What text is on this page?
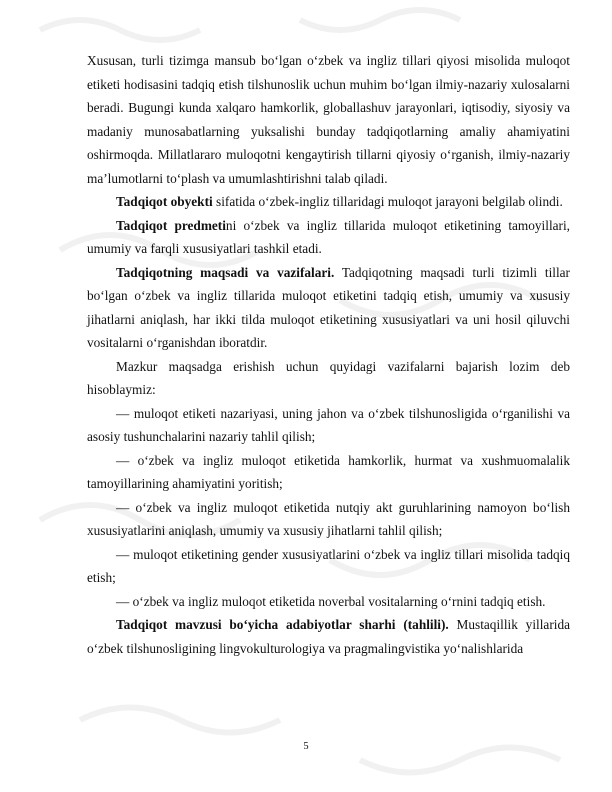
Xususan, turli tizimga mansub bo‘lgan o‘zbek va ingliz tillari qiyosi misolida muloqot etiketi hodisasini tadqiq etish tilshunoslik uchun muhim bo‘lgan ilmiy-nazariy xulosalarni beradi. Bugungi kunda xalqaro hamkorlik, globallashuv jarayonlari, iqtisodiy, siyosiy va madaniy munosabatlarning yuksalishi bunday tadqiqotlarning amaliy ahamiyatini oshirmoqda. Millatlararo muloqotni kengaytirish tillarni qiyosiy o‘rganish, ilmiy-nazariy ma’lumotlarni to‘plash va umumlashtirishni talab qiladi.

Tadqiqot obyekti sifatida o‘zbek-ingliz tillaridagi muloqot jarayoni belgilab olindi.

Tadqiqot predmetini o‘zbek va ingliz tillarida muloqot etiketining tamoyillari, umumiy va farqli xususiyatlari tashkil etadi.

Tadqiqotning maqsadi va vazifalari. Tadqiqotning maqsadi turli tizimli tillar bo‘lgan o‘zbek va ingliz tillarida muloqot etiketini tadqiq etish, umumiy va xususiy jihatlarni aniqlash, har ikki tilda muloqot etiketining xususiyatlari va uni hosil qiluvchi vositalarni o‘rganishdan iboratdir.

Mazkur maqsadga erishish uchun quyidagi vazifalarni bajarish lozim deb hisoblaymiz:

— muloqot etiketi nazariyasi, uning jahon va o‘zbek tilshunosligida o‘rganilishi va asosiy tushunchalarini nazariy tahlil qilish;

— o‘zbek va ingliz muloqot etiketida hamkorlik, hurmat va xushmuomalalik tamoyillarining ahamiyatini yoritish;

— o‘zbek va ingliz muloqot etiketida nutqiy akt guruhlarining namoyon bo‘lish xususiyatlarini aniqlash, umumiy va xususiy jihatlarni tahlil qilish;

— muloqot etiketining gender xususiyatlarini o‘zbek va ingliz tillari misolida tadqiq etish;

— o‘zbek va ingliz muloqot etiketida noverbal vositalarning o‘rnini tadqiq etish.

Tadqiqot mavzusi bo‘yicha adabiyotlar sharhi (tahlili). Mustaqillik yillarida o‘zbek tilshunosligining lingvokulturologiya va pragmalingvistika yo‘nalishlarida

5
